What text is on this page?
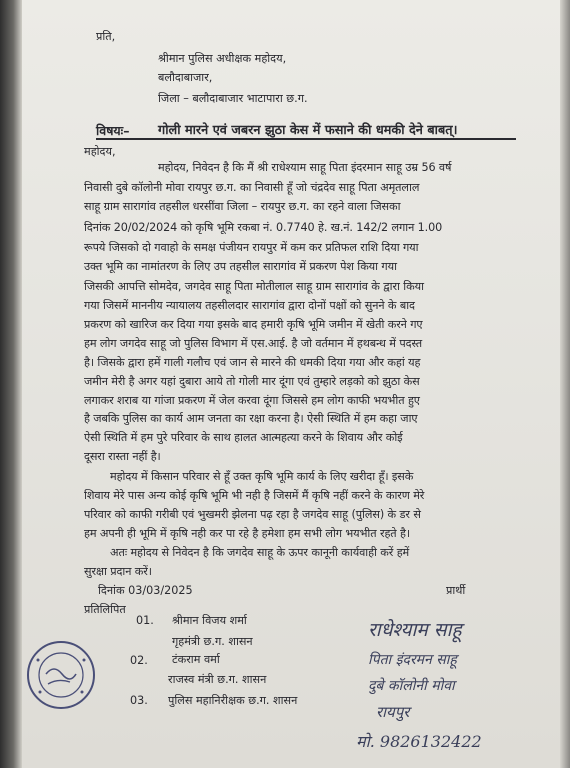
प्रति,
श्रीमान पुलिस अधीक्षक महोदय,
बलौदाबाजार,
जिला – बलौदाबाजार भाटापारा छ.ग.
विषयः– गोली मारने एवं जबरन झुठा केस में फसाने की धमकी देने बाबत्।
महोदय,
महोदय, निवेदन है कि मैं श्री राधेश्याम साहू पिता इंदरमान साहू उम्र 56 वर्ष
निवासी दुबे कॉलोनी मोवा रायपुर छ.ग. का निवासी हूँ जो चंद्रदेव साहू पिता अमृतलाल
साहू ग्राम सारागांव तहसील धरसींवा जिला – रायपुर छ.ग. का रहने वाला जिसका
दिनांक 20/02/2024 को कृषि भूमि रकबा नं. 0.7740 हे. ख.नं. 142/2 लगान 1.00
रूपये जिसको दो गवाहो के समक्ष पंजीयन रायपुर में कम कर प्रतिफल राशि दिया गया
उक्त भूमि का नामांतरण के लिए उप तहसील सारागांव में प्रकरण पेश किया गया
जिसकी आपत्ति सोमदेव, जगदेव साहू पिता मोतीलाल साहू ग्राम सारागांव के द्वारा किया
गया जिसमें माननीय न्यायालय तहसीलदार सारागांव द्वारा दोनों पक्षों को सुनने के बाद
प्रकरण को खारिज कर दिया गया इसके बाद हमारी कृषि भूमि जमीन में खेती करने गए
हम लोग जगदेव साहू जो पुलिस विभाग में एस.आई. है जो वर्तमान में हथबन्ध में पदस्त
है। जिसके द्वारा हमें गाली गलौच एवं जान से मारने की धमकी दिया गया और कहां यह
जमीन मेरी है अगर यहां दुबारा आये तो गोली मार दूंगा एवं तुम्हारे लड़को को झुठा केस
लगाकर शराब या गांजा प्रकरण में जेल करवा दूंगा जिससे हम लोग काफी भयभीत हुए
है जबकि पुलिस का कार्य आम जनता का रक्षा करना है। ऐसी स्थिति में हम कहा जाए
ऐसी स्थिति में हम पुरे परिवार के साथ हालत आत्महत्या करने के शिवाय और कोई
दूसरा रास्ता नहीं है।
महोदय में किसान परिवार से हूँ उक्त कृषि भूमि कार्य के लिए खरीदा हूँ। इसके
शिवाय मेरे पास अन्य कोई कृषि भूमि भी नही है जिसमें मैं कृषि नहीं करने के कारण मेरे
परिवार को काफी गरीबी एवं भुखमरी झेलना पढ़ रहा है जगदेव साहू (पुलिस) के डर से
हम अपनी ही भूमि में कृषि नही कर पा रहे है हमेशा हम सभी लोग भयभीत रहते है।
अतः महोदय से निवेदन है कि जगदेव साहू के ऊपर कानूनी कार्यवाही करें हमें
सुरक्षा प्रदान करें।
दिनांक 03/03/2025	प्रार्थी
प्रतिलिपित
01. श्रीमान विजय शर्मा
गृहमंत्री छ.ग. शासन
02. टंकराम वर्मा
राजस्व मंत्री छ.ग. शासन
03. पुलिस महानिरीक्षक छ.ग. शासन
राधेश्याम साहू
पिता इंदरमन साहू
दुबे कॉलोनी मोवा
रायपुर
मो. 9826132422
